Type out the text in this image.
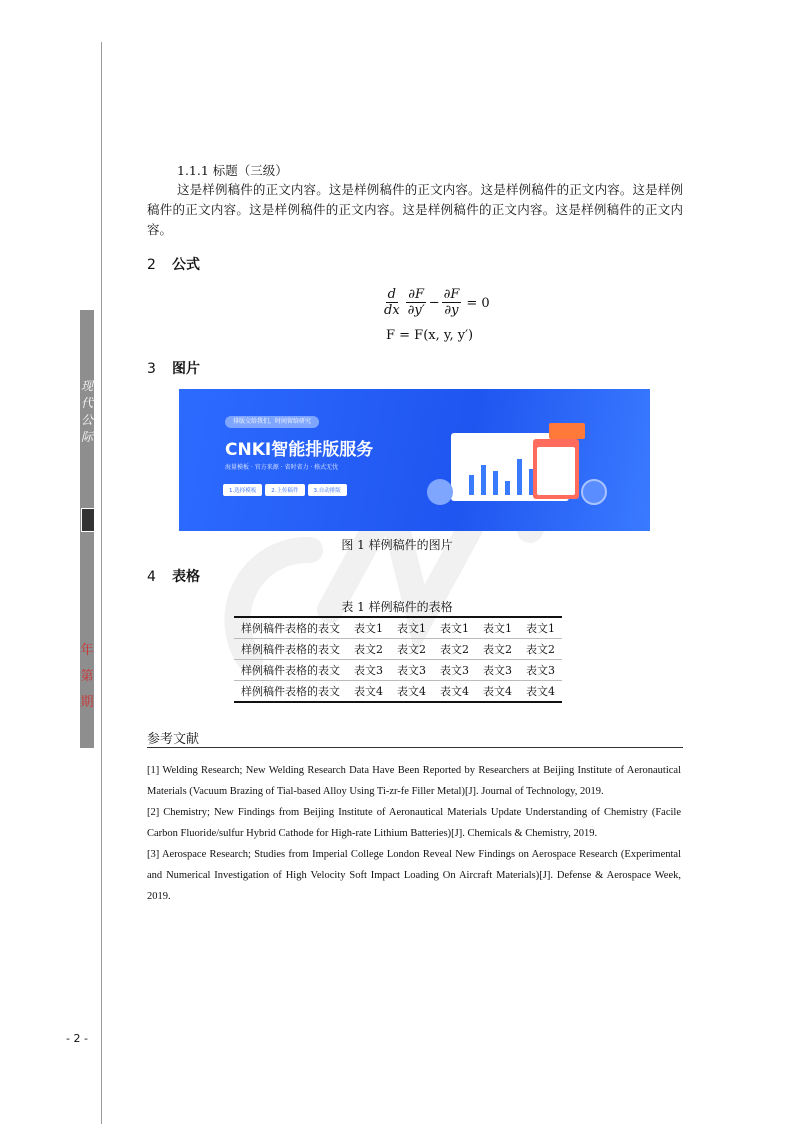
现
代
公
际
年
第
期
- 2 -
1.1.1 标题（三级）
这是样例稿件的正文内容。这是样例稿件的正文内容。这是样例稿件的正文内容。这是样例稿件的正文内容。这是样例稿件的正文内容。这是样例稿件的正文内容。这是样例稿件的正文内容。
2 公式
3 图片
4 表格
$\frac{d}{dx} \frac{\partial F}{\partial y'} - \frac{\partial F}{\partial y} = 0$
F = F(x, y, y′)
排版交给我们，时间留给研究
CNKI智能排版服务
海量模板 · 官方来源 · 省时省力 · 格式无忧
1.选择模板	2.上传稿件	3.自动排版
图 1 样例稿件的图片
表 1 样例稿件的表格
样例稿件表格的表文	表文1	表文1	表文1	表文1	表文1
样例稿件表格的表文	表文2	表文2	表文2	表文2	表文2
样例稿件表格的表文	表文3	表文3	表文3	表文3	表文3
样例稿件表格的表文	表文4	表文4	表文4	表文4	表文4
参考文献

[1] Welding Research; New Welding Research Data Have Been Reported by Researchers at Beijing Institute of Aeronautical Materials (Vacuum Brazing of Tial-based Alloy Using Ti-zr-fe Filler Metal)[J]. Journal of Technology, 2019.

[2] Chemistry; New Findings from Beijing Institute of Aeronautical Materials Update Understanding of Chemistry (Facile Carbon Fluoride/sulfur Hybrid Cathode for High-rate Lithium Batteries)[J]. Chemicals & Chemistry, 2019.

[3] Aerospace Research; Studies from Imperial College London Reveal New Findings on Aerospace Research (Experimental and Numerical Investigation of High Velocity Soft Impact Loading On Aircraft Materials)[J]. Defense & Aerospace Week, 2019.
